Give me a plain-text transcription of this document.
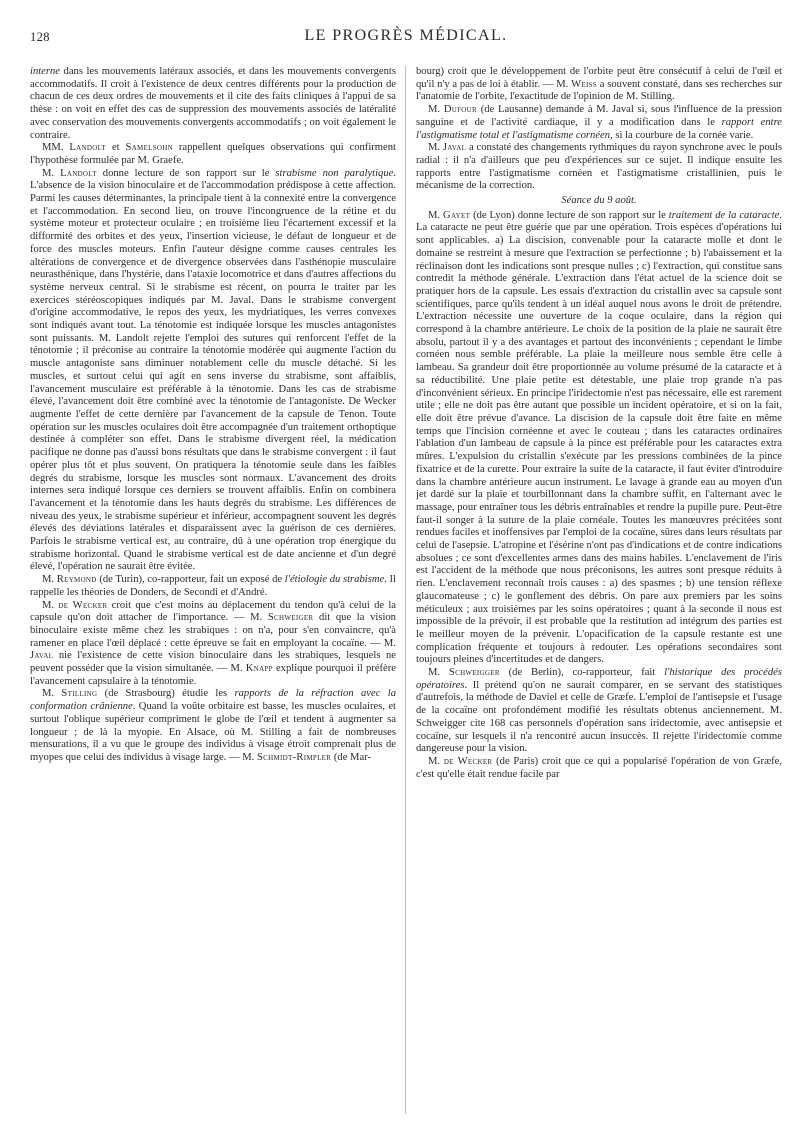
128	LE PROGRÈS MÉDICAL.

interne dans les mouvements latéraux associés, et dans les mouvements convergents accommodatifs. Il croit à l'existence de deux centres différents pour la production de chacun de ces deux ordres de mouvements et il cite des faits cliniques à l'appui de sa thèse : on voit en effet des cas de suppression des mouvements associés de latéralité avec conservation des mouvements convergents accommodatifs ; on voit également le contraire.

MM. Landolt et Samelsohn rappellent quelques observations qui confirment l'hypothèse formulée par M. Graefe.

M. Landolt donne lecture de son rapport sur le strabisme non paralytique. L'absence de la vision binoculaire et de l'accommodation prédispose à cette affection. Parmi les causes déterminantes, la principale tient à la connexité entre la convergence et l'accommodation. En second lieu, on trouve l'incongruence de la rétine et du système moteur et protecteur oculaire ; en troisième lieu l'écartement excessif et la difformité des orbites et des yeux, l'insertion vicieuse, le défaut de longueur et de force des muscles moteurs. Enfin l'auteur désigne comme causes centrales les altérations de convergence et de divergence observées dans l'asthénopie musculaire neurasthénique, dans l'hystérie, dans l'ataxie locomotrice et dans d'autres affections du système nerveux central. Si le strabisme est récent, on pourra le traiter par les exercices stéréoscopiques indiqués par M. Javal. Dans le strabisme convergent d'origine accommodative, le repos des yeux, les mydriatiques, les verres convexes sont indiqués avant tout. La ténotomie est indiquée lorsque les muscles antagonistes sont puissants. M. Landolt rejette l'emploi des sutures qui renforcent l'effet de la ténotomie ; il préconise au contraire la ténotomie modérée qui augmente l'action du muscle antagoniste sans diminuer notablement celle du muscle détaché. Si les muscles, et surtout celui qui agit en sens inverse du strabisme, sont affaiblis, l'avancement musculaire est préférable à la ténotomie. Dans les cas de strabisme élevé, l'avancement doit être combiné avec la ténotomie de l'antagoniste. De Wecker augmente l'effet de cette dernière par l'avancement de la capsule de Tenon. Toute opération sur les muscles oculaires doit être accompagnée d'un traitement orthoptique destinée à compléter son effet. Dans le strabisme divergent réel, la médication pacifique ne donne pas d'aussi bons résultats que dans le strabisme convergent : il faut opérer plus tôt et plus souvent. On pratiquera la ténotomie seule dans les faibles degrés du strabisme, lorsque les muscles sont normaux. L'avancement des droits internes sera indiqué lorsque ces derniers se trouvent affaiblis. Enfin on combinera l'avancement et la ténotomie dans les hauts degrés du strabisme. Les différences de niveau des yeux, le strabisme supérieur et inférieur, accompagnent souvent les degrés élevés des déviations latérales et disparaissent avec la guérison de ces dernières. Parfois le strabisme vertical est, au contraire, dû à une opération trop énergique du strabisme horizontal. Quand le strabisme vertical est de date ancienne et d'un degré élevé, l'opération ne saurait être évitée.

M. Reymond (de Turin), co-rapporteur, fait un exposé de l'étiologie du strabisme. Il rappelle les théories de Donders, de Secondi et d'André.

M. de Wecker croit que c'est moins au déplacement du tendon qu'à celui de la capsule qu'on doit attacher de l'importance. — M. Schweiger dit que la vision binoculaire existe même chez les strabiques : on n'a, pour s'en convaincre, qu'à ramener en place l'œil déplacé : cette épreuve se fait en employant la cocaïne. — M. Javal nie l'existence de cette vision binoculaire dans les strabiques, lesquels ne peuvent posséder que la vision simultanée. — M. Knapp explique pourquoi il préfère l'avancement capsulaire à la ténotomie.

M. Stilling (de Strasbourg) étudie les rapports de la réfraction avec la conformation crânienne. Quand la voûte orbitaire est basse, les muscles oculaires, et surtout l'oblique supérieur compriment le globe de l'œil et tendent à augmenter sa longueur ; de là la myopie. En Alsace, où M. Stilling a fait de nombreuses mensurations, il a vu que le groupe des individus à visage étroit comprenait plus de myopes que celui des individus à visage large. — M. Schmidt-Rimpler (de Mar-

bourg) croit que le développement de l'orbite peut être consécutif à celui de l'œil et qu'il n'y a pas de loi à établir. — M. Weiss a souvent constaté, dans ses recherches sur l'anatomie de l'orbite, l'exactitude de l'opinion de M. Stilling.

M. Dufour (de Lausanne) demande à M. Javal si, sous l'influence de la pression sanguine et de l'activité cardiaque, il y a modification dans le rapport entre l'astigmatisme total et l'astigmatisme cornéen, si la courbure de la cornée varie.

M. Javal a constaté des changements rythmiques du rayon synchrone avec le pouls radial : il n'a d'ailleurs que peu d'expériences sur ce sujet. Il indique ensuite les rapports entre l'astigmatisme cornéen et l'astigmatisme cristallinien, puis le mécanisme de la correction.

Séance du 9 août.

M. Gayet (de Lyon) donne lecture de son rapport sur le traitement de la cataracte. La cataracte ne peut être guérie que par une opération. Trois espèces d'opérations lui sont applicables. a) La discision, convenable pour la cataracte molle et dont le domaine se restreint à mesure que l'extraction se perfectionne ; b) l'abaissement et la réclinaison dont les indications sont presque nulles ; c) l'extraction, qui constitue sans contredit la méthode générale. L'extraction dans l'état actuel de la science doit se pratiquer hors de la capsule. Les essais d'extraction du cristallin avec sa capsule sont scientifiques, parce qu'ils tendent à un idéal auquel nous avons le droit de prétendre. L'extraction nécessite une ouverture de la coque oculaire, dans la région qui correspond à la chambre antérieure. Le choix de la position de la plaie ne saurait être absolu, partout il y a des avantages et partout des inconvénients ; cependant le limbe cornéen nous semble préférable. La plaie la meilleure nous semble être celle à lambeau. Sa grandeur doit être proportionnée au volume présumé de la cataracte et à sa réductibilité. Une plaie petite est détestable, une plaie trop grande n'a pas d'inconvénient sérieux. En principe l'iridectomie n'est pas nécessaire, elle est rarement utile ; elle ne doit pas être autant que possible un incident opératoire, et si on la fait, elle doit être prévue d'avance. La discision de la capsule doit être faite en même temps que l'incision cornéenne et avec le couteau ; dans les cataractes ordinaires l'ablation d'un lambeau de capsule à la pince est préférable pour les cataractes extra mûres. L'expulsion du cristallin s'exécute par les pressions combinées de la pince fixatrice et de la curette. Pour extraire la suite de la cataracte, il faut éviter d'introduire dans la chambre antérieure aucun instrument. Le lavage à grande eau au moyen d'un jet dardé sur la plaie et tourbillonnant dans la chambre suffit, en l'alternant avec le massage, pour entraîner tous les débris entraînables et rendre la pupille pure. Peut-être faut-il songer à la suture de la plaie cornéale. Toutes les manœuvres précitées sont rendues faciles et inoffensives par l'emploi de la cocaïne, sûres dans leurs résultats par celui de l'asepsie. L'atropine et l'ésérine n'ont pas d'indications et de contre indications absolues ; ce sont d'excellentes armes dans des mains habiles. L'enclavement de l'iris est l'accident de la méthode que nous préconisons, les autres sont presque réduits à rien. L'enclavement reconnaît trois causes : a) des spasmes ; b) une tension réflexe glaucomateuse ; c) le gonflement des débris. On pare aux premiers par les soins méticuleux ; aux troisièmes par les soins opératoires ; quant à la seconde il nous est impossible de la prévoir, il est probable que la restitution ad intégrum des parties est le meilleur moyen de la prévenir. L'opacification de la capsule restante est une complication fréquente et toujours à redouter. Les opérations secondaires sont toujours pleines d'incertitudes et de dangers.

M. Schweigger (de Berlin), co-rapporteur, fait l'historique des procédés opératoires. Il prétend qu'on ne saurait comparer, en se servant des statistiques d'autrefois, la méthode de Daviel et celle de Græfe. L'emploi de l'antisepsie et l'usage de la cocaïne ont profondément modifié les résultats obtenus anciennement. M. Schweigger cite 168 cas personnels d'opération sans iridectomie, avec antisepsie et cocaïne, sur lesquels il n'a rencontré aucun insuccès. Il rejette l'iridectomie comme dangereuse pour la vision.

M. de Wecker (de Paris) croit que ce qui a popularisé l'opération de von Græfe, c'est qu'elle était rendue facile par
